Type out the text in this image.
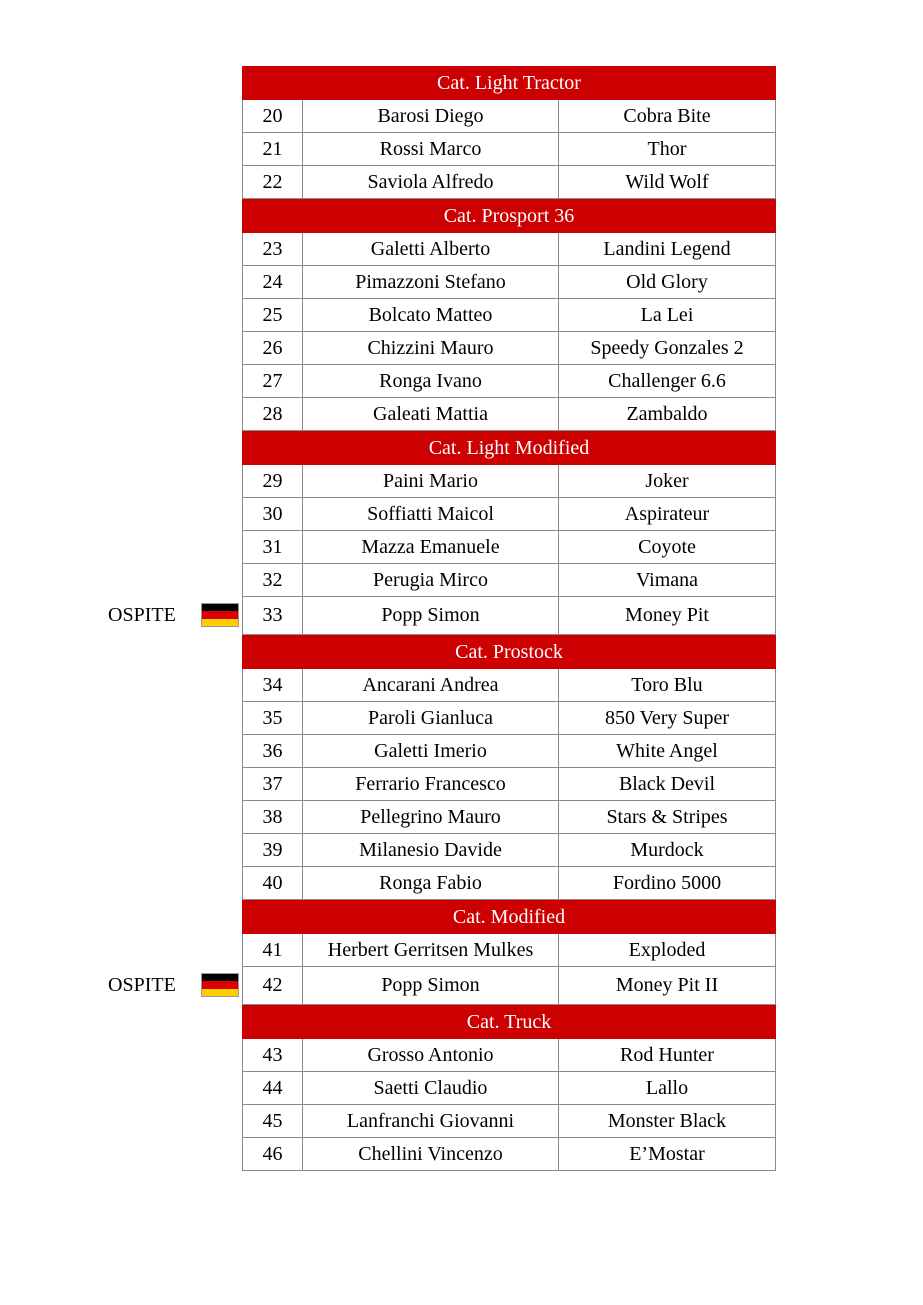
Cat. Light Tractor
20	Barosi Diego	Cobra Bite
21	Rossi Marco	Thor
22	Saviola Alfredo	Wild Wolf
Cat. Prosport 36
23	Galetti Alberto	Landini Legend
24	Pimazzoni Stefano	Old Glory
25	Bolcato Matteo	La Lei
26	Chizzini Mauro	Speedy Gonzales 2
27	Ronga Ivano	Challenger 6.6
28	Galeati Mattia	Zambaldo
Cat. Light Modified
29	Paini Mario	Joker
30	Soffiatti Maicol	Aspirateur
31	Mazza Emanuele	Coyote
32	Perugia Mirco	Vimana
33	Popp Simon	Money Pit
Cat. Prostock
34	Ancarani Andrea	Toro Blu
35	Paroli Gianluca	850 Very Super
36	Galetti Imerio	White Angel
37	Ferrario Francesco	Black Devil
38	Pellegrino Mauro	Stars & Stripes
39	Milanesio Davide	Murdock
40	Ronga Fabio	Fordino 5000
Cat. Modified
41	Herbert Gerritsen Mulkes	Exploded
42	Popp Simon	Money Pit II
Cat. Truck
43	Grosso Antonio	Rod Hunter
44	Saetti Claudio	Lallo
45	Lanfranchi Giovanni	Monster Black
46	Chellini Vincenzo	E’Mostar
OSPITE
OSPITE
